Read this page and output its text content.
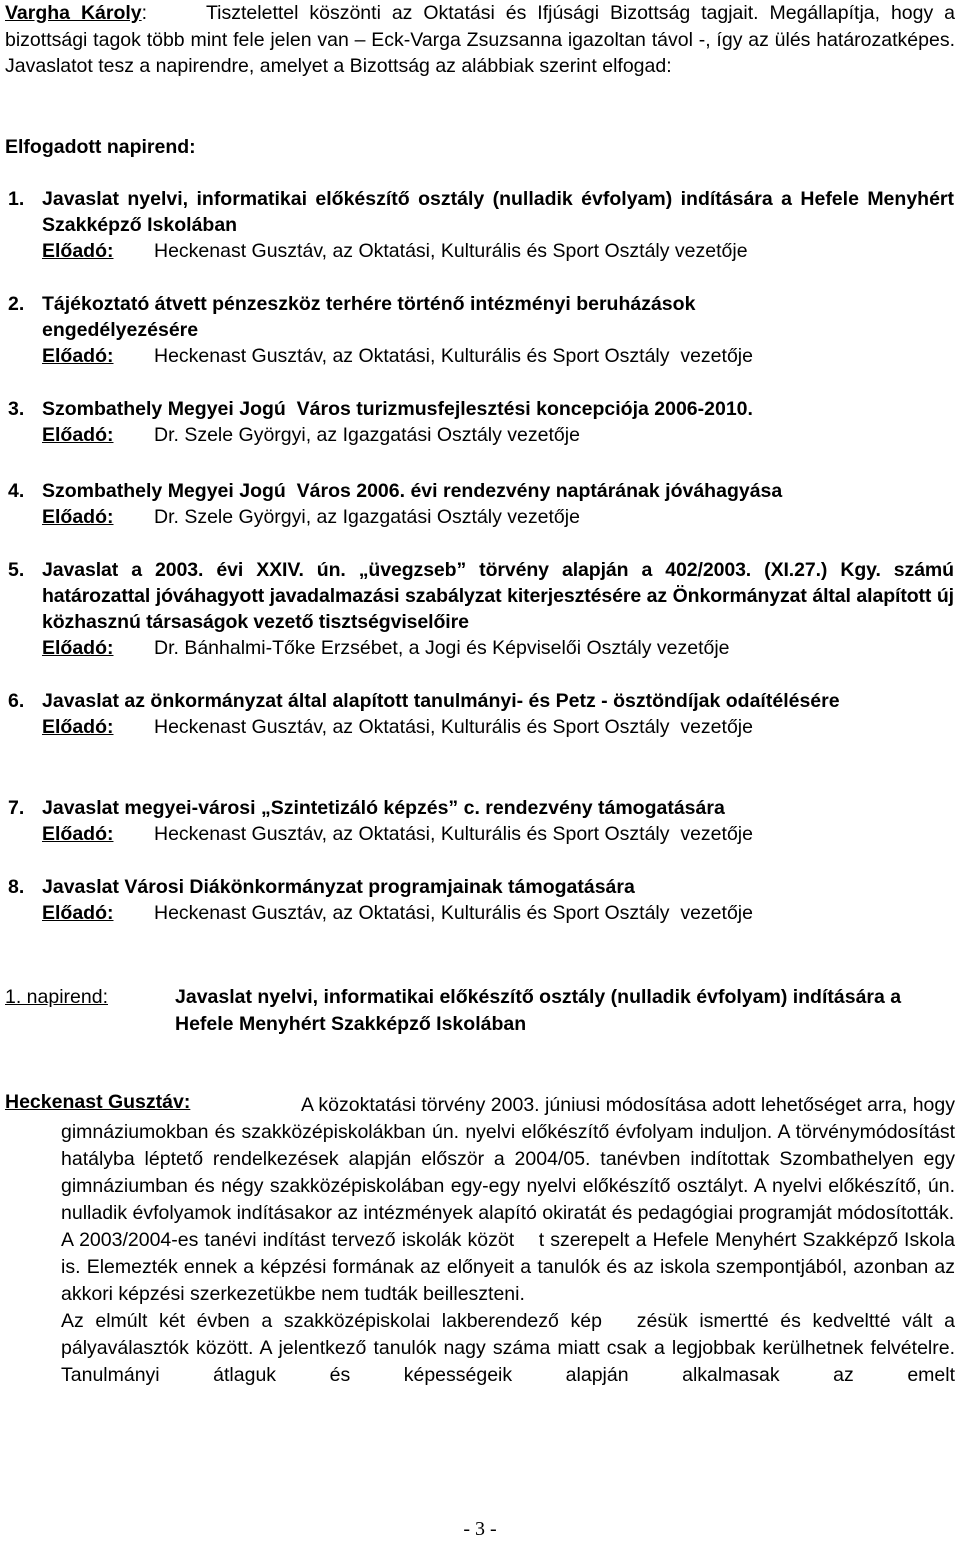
Vargha Károly:	Tisztelettel köszönti az Oktatási és Ifjúsági Bizottság tagjait. Megállapítja, hogy a bizottsági tagok több mint fele jelen van – Eck-Varga Zsuzsanna igazoltan távol -, így az ülés határozatképes. Javaslatot tesz a napirendre, amelyet a Bizottság az alábbiak szerint elfogad:
Elfogadott napirend:
1. Javaslat nyelvi, informatikai előkészítő osztály (nulladik évfolyam) indítására a Hefele Menyhért Szakképző Iskolában
Előadó: Heckenast Gusztáv, az Oktatási, Kulturális és Sport Osztály vezetője
2. Tájékoztató átvett pénzeszköz terhére történő intézményi beruházások engedélyezésére
Előadó: Heckenast Gusztáv, az Oktatási, Kulturális és Sport Osztály  vezetője
3. Szombathely Megyei Jogú  Város turizmusfejlesztési koncepciója 2006-2010.
Előadó: Dr. Szele Györgyi, az Igazgatási Osztály vezetője
4. Szombathely Megyei Jogú  Város 2006. évi rendezvény naptárának jóváhagyása
Előadó: Dr. Szele Györgyi, az Igazgatási Osztály vezetője
5. Javaslat a 2003. évi XXIV. ún. „üvegzseb” törvény alapján a 402/2003. (XI.27.) Kgy. számú határozattal jóváhagyott javadalmazási szabályzat kiterjesztésére az Önkormányzat által alapított új közhasznú társaságok vezető tisztségviselőire
Előadó: Dr. Bánhalmi-Tőke Erzsébet, a Jogi és Képviselői Osztály vezetője
6. Javaslat az önkormányzat által alapított tanulmányi- és Petz - ösztöndíjak odaítélésére
Előadó: Heckenast Gusztáv, az Oktatási, Kulturális és Sport Osztály  vezetője
7. Javaslat megyei-városi „Szintetizáló képzés” c. rendezvény támogatására
Előadó: Heckenast Gusztáv, az Oktatási, Kulturális és Sport Osztály  vezetője
8. Javaslat Városi Diákönkormányzat programjainak támogatására
Előadó: Heckenast Gusztáv, az Oktatási, Kulturális és Sport Osztály  vezetője
1. napirend:	Javaslat nyelvi, informatikai előkészítő osztály (nulladik évfolyam) indítására a Hefele Menyhért Szakképző Iskolában
Heckenast Gusztáv:	A közoktatási törvény 2003. júniusi módosítása adott lehetőséget arra, hogy gimnáziumokban és szakközépiskolákban ún. nyelvi előkészítő évfolyam induljon. A törvénymódosítást hatályba léptető rendelkezések alapján először a 2004/05. tanévben indítottak Szombathelyen egy gimnáziumban és négy szakközépiskolában egy-egy nyelvi előkészítő osztályt. A nyelvi előkészítő, ún. nulladik évfolyamok indításakor az intézmények alapító okiratát és pedagógiai programját módosították.
A 2003/2004-es tanévi indítást tervező iskolák közöt    t szerepelt a Hefele Menyhért Szakképző Iskola is. Elemezték ennek a képzési formának az előnyeit a tanulók és az iskola szempontjából, azonban az akkori képzési szerkezetükbe nem tudták beilleszteni.
Az elmúlt két évben a szakközépiskolai lakberendező kép   zésük ismertté és kedveltté vált a pályaválasztók között. A jelentkező tanulók nagy száma miatt csak a legjobbak kerülhetnek felvételre. Tanulmányi átlaguk és képességeik alapján alkalmasak az emelt
- 3 -
